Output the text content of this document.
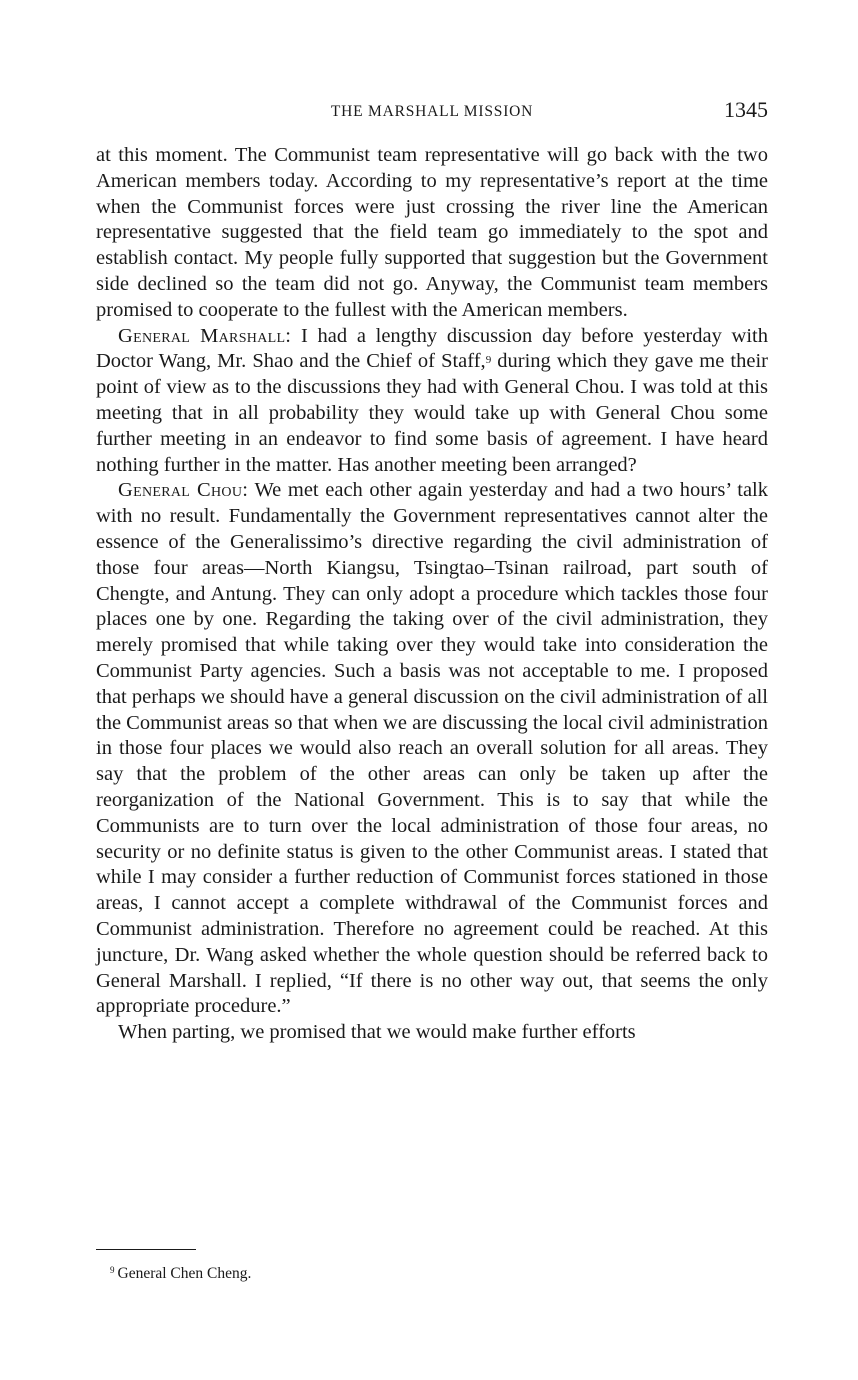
THE MARSHALL MISSION	1345

at this moment. The Communist team representative will go back with the two American members today. According to my representative’s report at the time when the Communist forces were just crossing the river line the American representative suggested that the field team go immediately to the spot and establish contact. My people fully supported that suggestion but the Government side declined so the team did not go. Anyway, the Communist team members promised to cooperate to the fullest with the American members.

General Marshall: I had a lengthy discussion day before yesterday with Doctor Wang, Mr. Shao and the Chief of Staff,$^9$ during which they gave me their point of view as to the discussions they had with General Chou. I was told at this meeting that in all probability they would take up with General Chou some further meeting in an endeavor to find some basis of agreement. I have heard nothing further in the matter. Has another meeting been arranged?

General Chou: We met each other again yesterday and had a two hours’ talk with no result. Fundamentally the Government representatives cannot alter the essence of the Generalissimo’s directive regarding the civil administration of those four areas—North Kiangsu, Tsingtao–Tsinan railroad, part south of Chengte, and Antung. They can only adopt a procedure which tackles those four places one by one. Regarding the taking over of the civil administration, they merely promised that while taking over they would take into consideration the Communist Party agencies. Such a basis was not acceptable to me. I proposed that perhaps we should have a general discussion on the civil administration of all the Communist areas so that when we are discussing the local civil administration in those four places we would also reach an overall solution for all areas. They say that the problem of the other areas can only be taken up after the reorganization of the National Government. This is to say that while the Communists are to turn over the local administration of those four areas, no security or no definite status is given to the other Communist areas. I stated that while I may consider a further reduction of Communist forces stationed in those areas, I cannot accept a complete withdrawal of the Communist forces and Communist administration. Therefore no agreement could be reached. At this juncture, Dr. Wang asked whether the whole question should be referred back to General Marshall. I replied, “If there is no other way out, that seems the only appropriate procedure.”

When parting, we promised that we would make further efforts

$^9$ General Chen Cheng.
